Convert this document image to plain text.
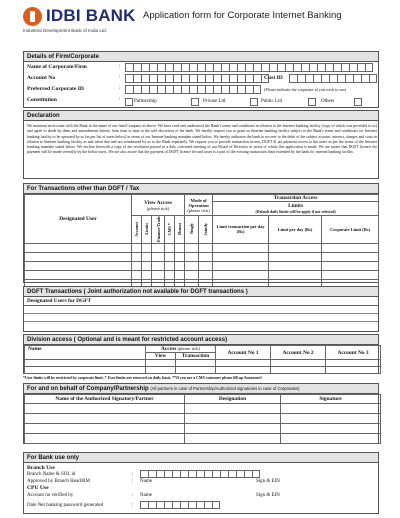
IDBI BANK
Industrial Development Bank of India Ltd.
Application form for Corporate Internet Banking
Details of Firm/Corporate
Name of Corporate/Firm	:
Account No	:	Cust ID
Preferred Corporate ID	:	(Please indicate the corporate id you wish to use)
Constitution	:	Partnership	Private Ltd	Public Ltd	Others
Declaration
We maintain an account with the Bank in the name of our firm/Company as above. We have read and understood the Bank's terms and conditions in relation to the Internet banking facility (copy of which was provided to us) and agree to abide by them and amendments thereto from time to time at the sole discretion of the bank. We hereby request you to grant us Internet banking facility subject to the Bank's terms and conditions for Internet banking facility to be operated by us (as per list of users below) in terms of our Internet banking mandate stated below. We hereby authorize the bank to recover to the debit of the subject account, interest, charges and costs in relation to Internet banking facility as and when due and not reimbursed by us to the Bank separately. We request you to provide transaction access, DGFT & tax payment access to the users as per the terms of the Internet banking mandate stated below. We enclose herewith a copy of the resolution passed in a duly convened meeting of our Board of Directors in terms of which this application is made. We are aware that DGFT licence fee payment will be made severally by the below users. We are also aware that the payment of DGFT licence fee and taxes is a part of the existing transaction limit extended by the bank for internet banking facility.
For Transactions other than DGFT / Tax
Designated User	View Access
(please tick)					Mode of Operation
(please tick)		Transaction Access		
								Limits
(Default daily limits will be apply if not selected)		
	Account	Limits	Finance/Trade	CMS *	Demat	Singly	Jointly	Limit transaction per day (Rs)	Limit per day (Rs)	Corporate Limit (Rs)

DGFT Transactions ( Joint authorization not available for DGFT transactions )
Designated Users for DGFT
Division access ( Optional and is meant for restricted account access)
Name	Access (please tick)		Account No 1	Account No 2	Account No 3
	View	Transaction			

*User limits will be restricted by corporate limit. * User limits are renewed on daily basis. **If you are a CMS customer please fill up Annexure1
For and on behalf of Company/Partnership (All partners in case of Partnership/Authorized signatories in case of Corporates)
Name of the Authorized Signatory/Partner	Designation	Signature

For Bank use only
Branch Use
Branch Name & SOL id	:
Approved by Branch Head/RM	: Name	Sign & EIN
CPU Use
Account no verified by	: Name	Sign & EIN
Date Net banking password generated	:
